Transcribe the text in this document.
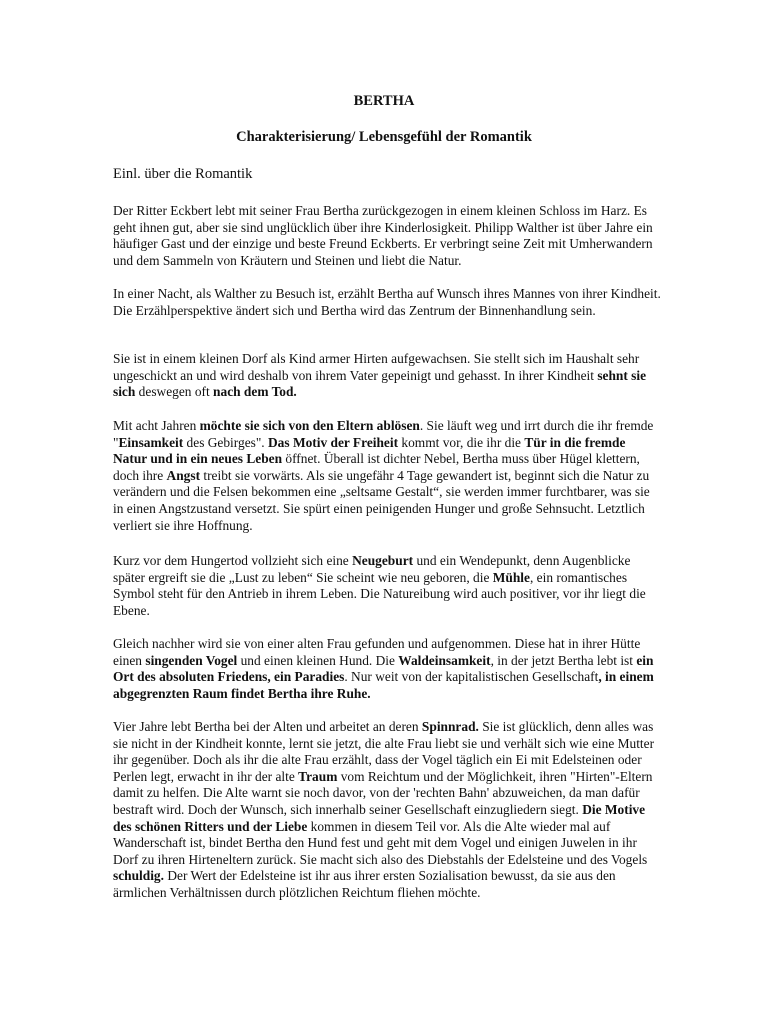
BERTHA
Charakterisierung/ Lebensgefühl der Romantik
Einl. über die Romantik
Der Ritter Eckbert lebt mit seiner Frau Bertha zurückgezogen in einem kleinen Schloss im Harz. Es geht ihnen gut, aber sie sind unglücklich über ihre Kinderlosigkeit. Philipp Walther ist über Jahre ein häufiger Gast und der einzige und beste Freund Eckberts. Er verbringt seine Zeit mit Umherwandern und dem Sammeln von Kräutern und Steinen und liebt die Natur.
In einer Nacht, als Walther zu Besuch ist, erzählt Bertha auf Wunsch ihres Mannes von ihrer Kindheit. Die Erzählperspektive ändert sich und Bertha wird das Zentrum der Binnenhandlung sein.
Sie ist in einem kleinen Dorf als Kind armer Hirten aufgewachsen. Sie stellt sich im Haushalt sehr ungeschickt an und wird deshalb von ihrem Vater gepeinigt und gehasst. In ihrer Kindheit sehnt sie sich deswegen oft nach dem Tod.
Mit acht Jahren möchte sie sich von den Eltern ablösen. Sie läuft weg und irrt durch die ihr fremde "Einsamkeit des Gebirges". Das Motiv der Freiheit kommt vor, die ihr die Tür in die fremde Natur und in ein neues Leben öffnet. Überall ist dichter Nebel, Bertha muss über Hügel klettern, doch ihre Angst treibt sie vorwärts. Als sie ungefähr 4 Tage gewandert ist, beginnt sich die Natur zu verändern und die Felsen bekommen eine „seltsame Gestalt“, sie werden immer furchtbarer, was sie in einen Angstzustand versetzt. Sie spürt einen peinigenden Hunger und große Sehnsucht. Letztlich verliert sie ihre Hoffnung.
Kurz vor dem Hungertod vollzieht sich eine Neugeburt und ein Wendepunkt, denn Augenblicke später ergreift sie die „Lust zu leben“ Sie scheint wie neu geboren, die Mühle, ein romantisches Symbol steht für den Antrieb in ihrem Leben. Die Natureibung wird auch positiver, vor ihr liegt die Ebene.
Gleich nachher wird sie von einer alten Frau gefunden und aufgenommen. Diese hat in ihrer Hütte einen singenden Vogel und einen kleinen Hund. Die Waldeinsamkeit, in der jetzt Bertha lebt ist ein Ort des absoluten Friedens, ein Paradies. Nur weit von der kapitalistischen Gesellschaft, in einem abgegrenzten Raum findet Bertha ihre Ruhe.
Vier Jahre lebt Bertha bei der Alten und arbeitet an deren Spinnrad. Sie ist glücklich, denn alles was sie nicht in der Kindheit konnte, lernt sie jetzt, die alte Frau liebt sie und verhält sich wie eine Mutter ihr gegenüber. Doch als ihr die alte Frau erzählt, dass der Vogel täglich ein Ei mit Edelsteinen oder Perlen legt, erwacht in ihr der alte Traum vom Reichtum und der Möglichkeit, ihren "Hirten"-Eltern damit zu helfen. Die Alte warnt sie noch davor, von der 'rechten Bahn' abzuweichen, da man dafür bestraft wird. Doch der Wunsch, sich innerhalb seiner Gesellschaft einzugliedern siegt. Die Motive des schönen Ritters und der Liebe kommen in diesem Teil vor. Als die Alte wieder mal auf Wanderschaft ist, bindet Bertha den Hund fest und geht mit dem Vogel und einigen Juwelen in ihr Dorf zu ihren Hirteneltern zurück. Sie macht sich also des Diebstahls der Edelsteine und des Vogels schuldig. Der Wert der Edelsteine ist ihr aus ihrer ersten Sozialisation bewusst, da sie aus den ärmlichen Verhältnissen durch plötzlichen Reichtum fliehen möchte.
